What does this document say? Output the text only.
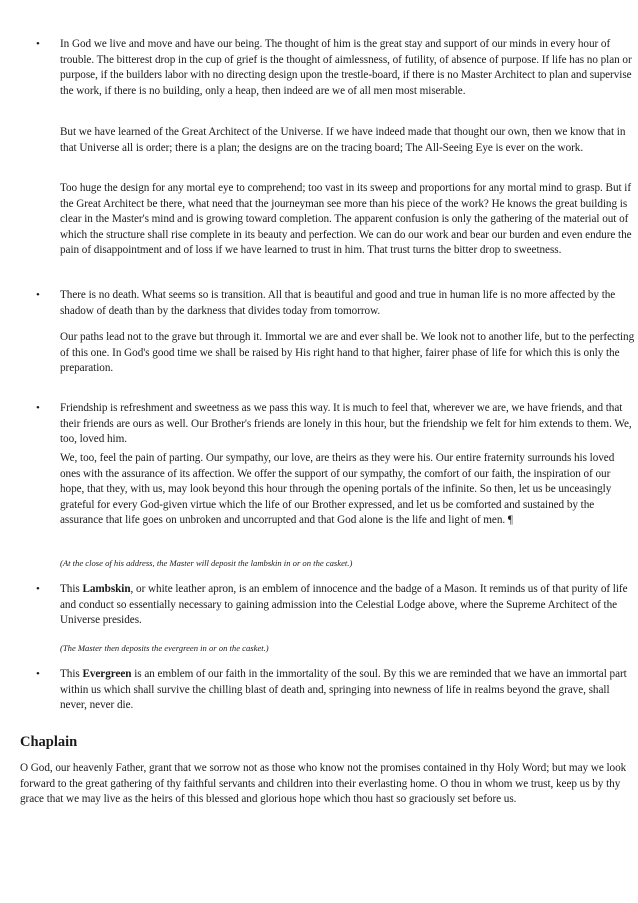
• In God we live and move and have our being. The thought of him is the great stay and support of our minds in every hour of trouble. The bitterest drop in the cup of grief is the thought of aimlessness, of futility, of absence of purpose. If life has no plan or purpose, if the builders labor with no directing design upon the trestle-board, if there is no Master Architect to plan and supervise the work, if there is no building, only a heap, then indeed are we of all men most miserable.

But we have learned of the Great Architect of the Universe. If we have indeed made that thought our own, then we know that in that Universe all is order; there is a plan; the designs are on the tracing board; The All-Seeing Eye is ever on the work.

Too huge the design for any mortal eye to comprehend; too vast in its sweep and proportions for any mortal mind to grasp. But if the Great Architect be there, what need that the journeyman see more than his piece of the work? He knows the great building is clear in the Master's mind and is growing toward completion. The apparent confusion is only the gathering of the material out of which the structure shall rise complete in its beauty and perfection. We can do our work and bear our burden and even endure the pain of disappointment and of loss if we have learned to trust in him. That trust turns the bitter drop to sweetness.

• There is no death. What seems so is transition. All that is beautiful and good and true in human life is no more affected by the shadow of death than by the darkness that divides today from tomorrow.

Our paths lead not to the grave but through it. Immortal we are and ever shall be. We look not to another life, but to the perfecting of this one. In God's good time we shall be raised by His right hand to that higher, fairer phase of life for which this is only the preparation.

• Friendship is refreshment and sweetness as we pass this way. It is much to feel that, wherever we are, we have friends, and that their friends are ours as well. Our Brother's friends are lonely in this hour, but the friendship we felt for him extends to them. We, too, loved him.

We, too, feel the pain of parting. Our sympathy, our love, are theirs as they were his. Our entire fraternity surrounds his loved ones with the assurance of its affection. We offer the support of our sympathy, the comfort of our faith, the inspiration of our hope, that they, with us, may look beyond this hour through the opening portals of the infinite. So then, let us be unceasingly grateful for every God-given virtue which the life of our Brother expressed, and let us be comforted and sustained by the assurance that life goes on unbroken and uncorrupted and that God alone is the life and light of men. ¶

(At the close of his address, the Master will deposit the lambskin in or on the casket.)

• This Lambskin, or white leather apron, is an emblem of innocence and the badge of a Mason. It reminds us of that purity of life and conduct so essentially necessary to gaining admission into the Celestial Lodge above, where the Supreme Architect of the Universe presides.

(The Master then deposits the evergreen in or on the casket.)

• This Evergreen is an emblem of our faith in the immortality of the soul. By this we are reminded that we have an immortal part within us which shall survive the chilling blast of death and, springing into newness of life in realms beyond the grave, shall never, never die.

Chaplain

O God, our heavenly Father, grant that we sorrow not as those who know not the promises contained in thy Holy Word; but may we look forward to the great gathering of thy faithful servants and children into their everlasting home. O thou in whom we trust, keep us by thy grace that we may live as the heirs of this blessed and glorious hope which thou hast so graciously set before us.
